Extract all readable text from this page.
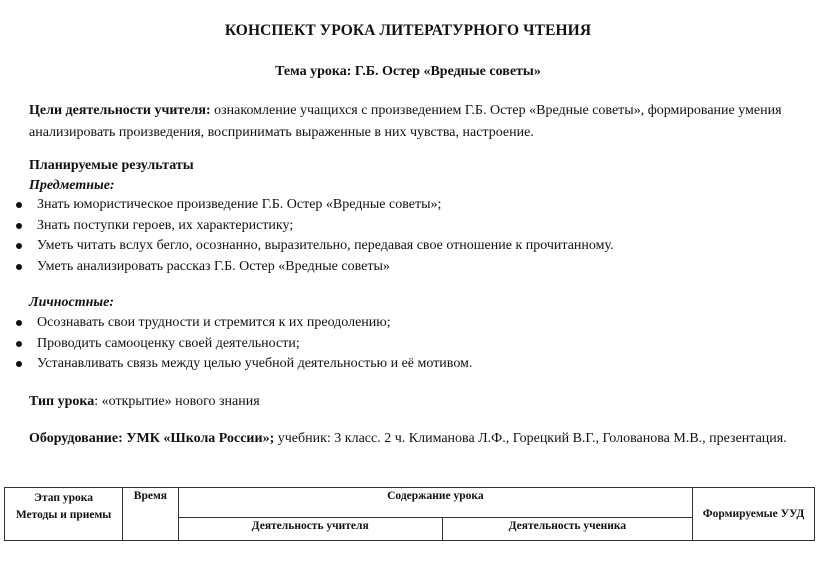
КОНСПЕКТ УРОКА ЛИТЕРАТУРНОГО ЧТЕНИЯ
Тема урока: Г.Б. Остер «Вредные советы»
Цели деятельности учителя: ознакомление учащихся с произведением Г.Б. Остер «Вредные советы», формирование умения анализировать произведения, воспринимать выраженные в них чувства, настроение.
Планируемые результаты
Предметные:
Знать юмористическое произведение Г.Б. Остер «Вредные советы»;
Знать поступки героев, их характеристику;
Уметь читать вслух бегло, осознанно, выразительно, передавая свое отношение к прочитанному.
Уметь анализировать рассказ Г.Б. Остер «Вредные советы»
Личностные:
Осознавать свои трудности и стремится к их преодолению;
Проводить самооценку своей деятельности;
Устанавливать связь между целью учебной деятельностью и её мотивом.
Тип урока: «открытие» нового знания
Оборудование: УМК «Школа России»; учебник: 3 класс. 2 ч. Климанова Л.Ф., Горецкий В.Г., Голованова М.В., презентация.
Этап урока
Методы и приемы	Время	Содержание урока		Формируемые УУД
		Деятельность учителя	Деятельность ученика	
